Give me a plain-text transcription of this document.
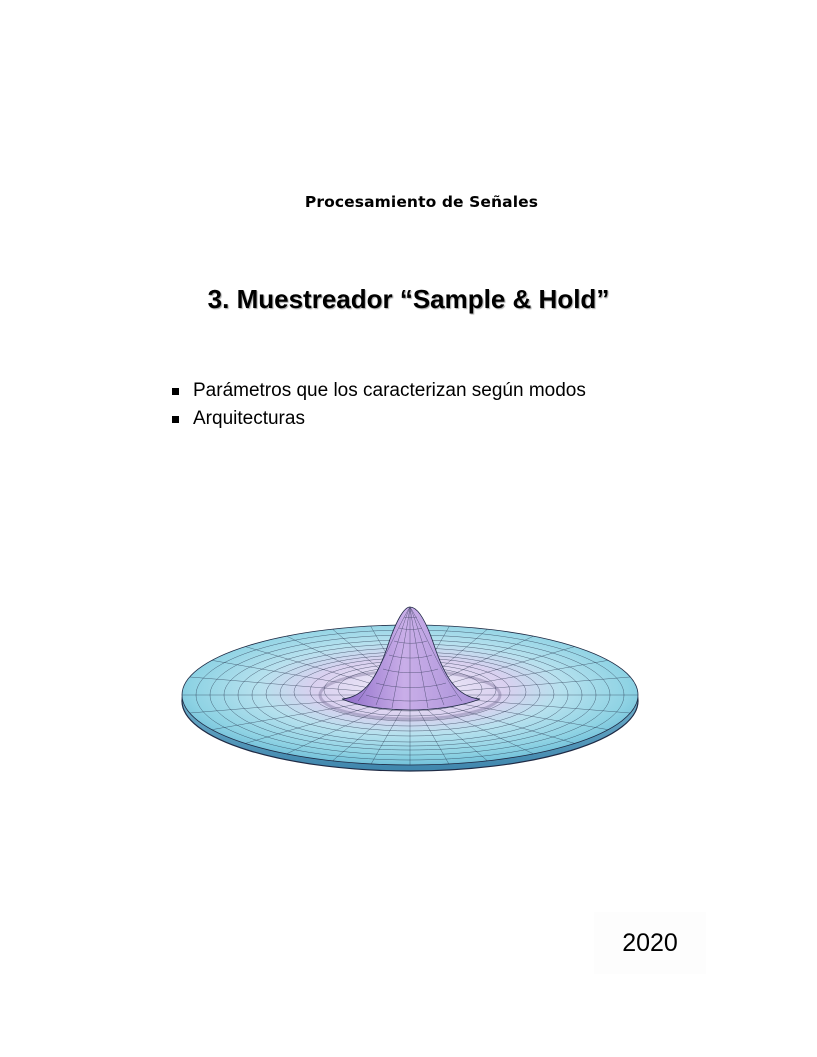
Procesamiento de Señales
3. Muestreador “Sample & Hold”
Parámetros que los caracterizan según modos
Arquitecturas
2020
